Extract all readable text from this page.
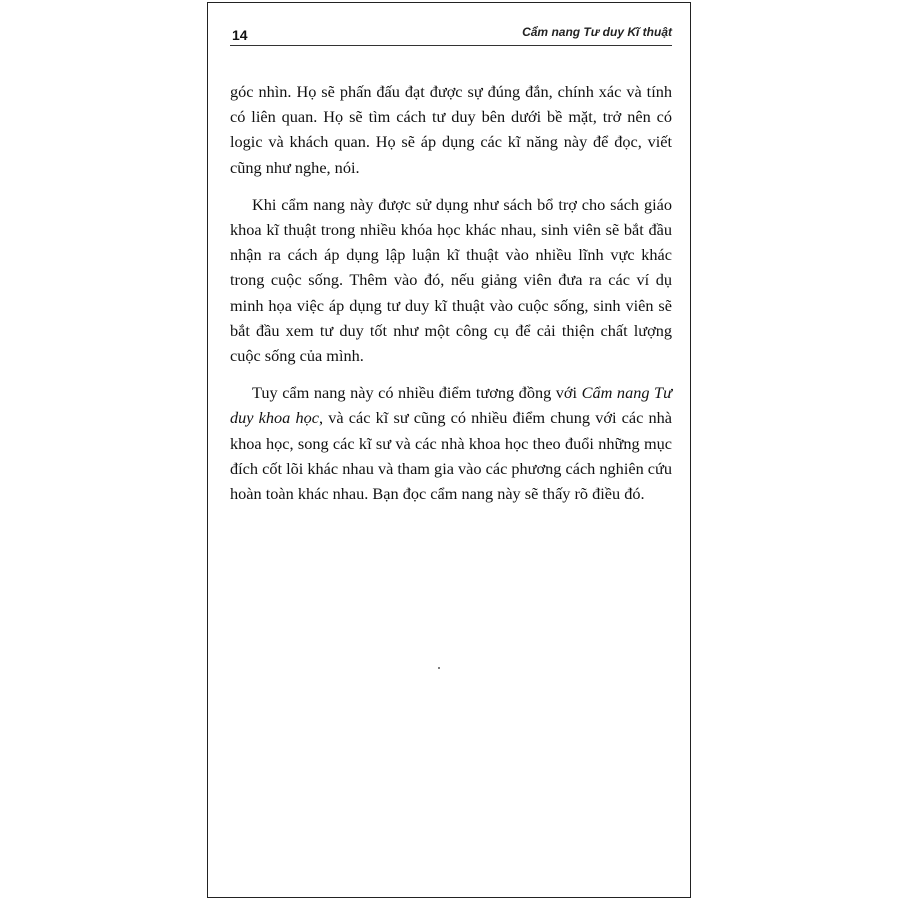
14	Cẩm nang Tư duy Kĩ thuật

góc nhìn. Họ sẽ phấn đấu đạt được sự đúng đắn, chính xác và tính có liên quan. Họ sẽ tìm cách tư duy bên dưới bề mặt, trở nên có logic và khách quan. Họ sẽ áp dụng các kĩ năng này để đọc, viết cũng như nghe, nói.

Khi cẩm nang này được sử dụng như sách bổ trợ cho sách giáo khoa kĩ thuật trong nhiều khóa học khác nhau, sinh viên sẽ bắt đầu nhận ra cách áp dụng lập luận kĩ thuật vào nhiều lĩnh vực khác trong cuộc sống. Thêm vào đó, nếu giảng viên đưa ra các ví dụ minh họa việc áp dụng tư duy kĩ thuật vào cuộc sống, sinh viên sẽ bắt đầu xem tư duy tốt như một công cụ để cải thiện chất lượng cuộc sống của mình.

Tuy cẩm nang này có nhiều điểm tương đồng với Cẩm nang Tư duy khoa học, và các kĩ sư cũng có nhiều điểm chung với các nhà khoa học, song các kĩ sư và các nhà khoa học theo đuổi những mục đích cốt lõi khác nhau và tham gia vào các phương cách nghiên cứu hoàn toàn khác nhau. Bạn đọc cẩm nang này sẽ thấy rõ điều đó.
